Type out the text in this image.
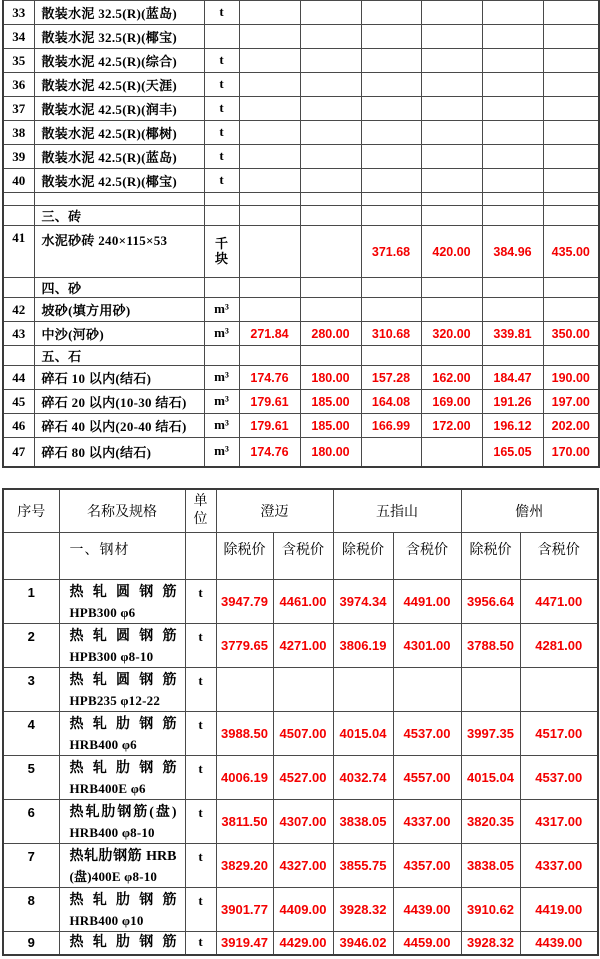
33	散装水泥 32.5(R)(蓝岛)	t						
34	散装水泥 32.5(R)(椰宝)							
35	散装水泥 42.5(R)(综合)	t						
36	散装水泥 42.5(R)(天涯)	t						
37	散装水泥 42.5(R)(润丰)	t						
38	散装水泥 42.5(R)(椰树)	t						
39	散装水泥 42.5(R)(蓝岛)	t						
40	散装水泥 42.5(R)(椰宝)	t						

	三、砖							
41	水泥砂砖 240×115×53	千块			371.68	420.00	384.96	435.00
	四、砂							
42	坡砂(填方用砂)	m³						
43	中沙(河砂)	m³	271.84	280.00	310.68	320.00	339.81	350.00
	五、石							
44	碎石 10 以内(结石)	m³	174.76	180.00	157.28	162.00	184.47	190.00
45	碎石 20 以内(10-30 结石)	m³	179.61	185.00	164.08	169.00	191.26	197.00
46	碎石 40 以内(20-40 结石)	m³	179.61	185.00	166.99	172.00	196.12	202.00
47	碎石 80 以内(结石)	m³	174.76	180.00			165.05	170.00
序号	名称及规格	单位	澄迈		五指山		儋州	
	一、钢材		除税价	含税价	除税价	含税价	除税价	含税价
1	热轧圆钢筋
HPB300 φ6	t	3947.79	4461.00	3974.34	4491.00	3956.64	4471.00
2	热轧圆钢筋
HPB300 φ8-10	t	3779.65	4271.00	3806.19	4301.00	3788.50	4281.00
3	热轧圆钢筋
HPB235 φ12-22	t						
4	热轧肋钢筋
HRB400 φ6	t	3988.50	4507.00	4015.04	4537.00	3997.35	4517.00
5	热轧肋钢筋
HRB400E φ6	t	4006.19	4527.00	4032.74	4557.00	4015.04	4537.00
6	热轧肋钢筋(盘)
HRB400 φ8-10	t	3811.50	4307.00	3838.05	4337.00	3820.35	4317.00
7	热轧肋钢筋 HRB
(盘)400E φ8-10	t	3829.20	4327.00	3855.75	4357.00	3838.05	4337.00
8	热轧肋钢筋
HRB400 φ10	t	3901.77	4409.00	3928.32	4439.00	3910.62	4419.00
9	热轧肋钢筋	t	3919.47	4429.00	3946.02	4459.00	3928.32	4439.00
